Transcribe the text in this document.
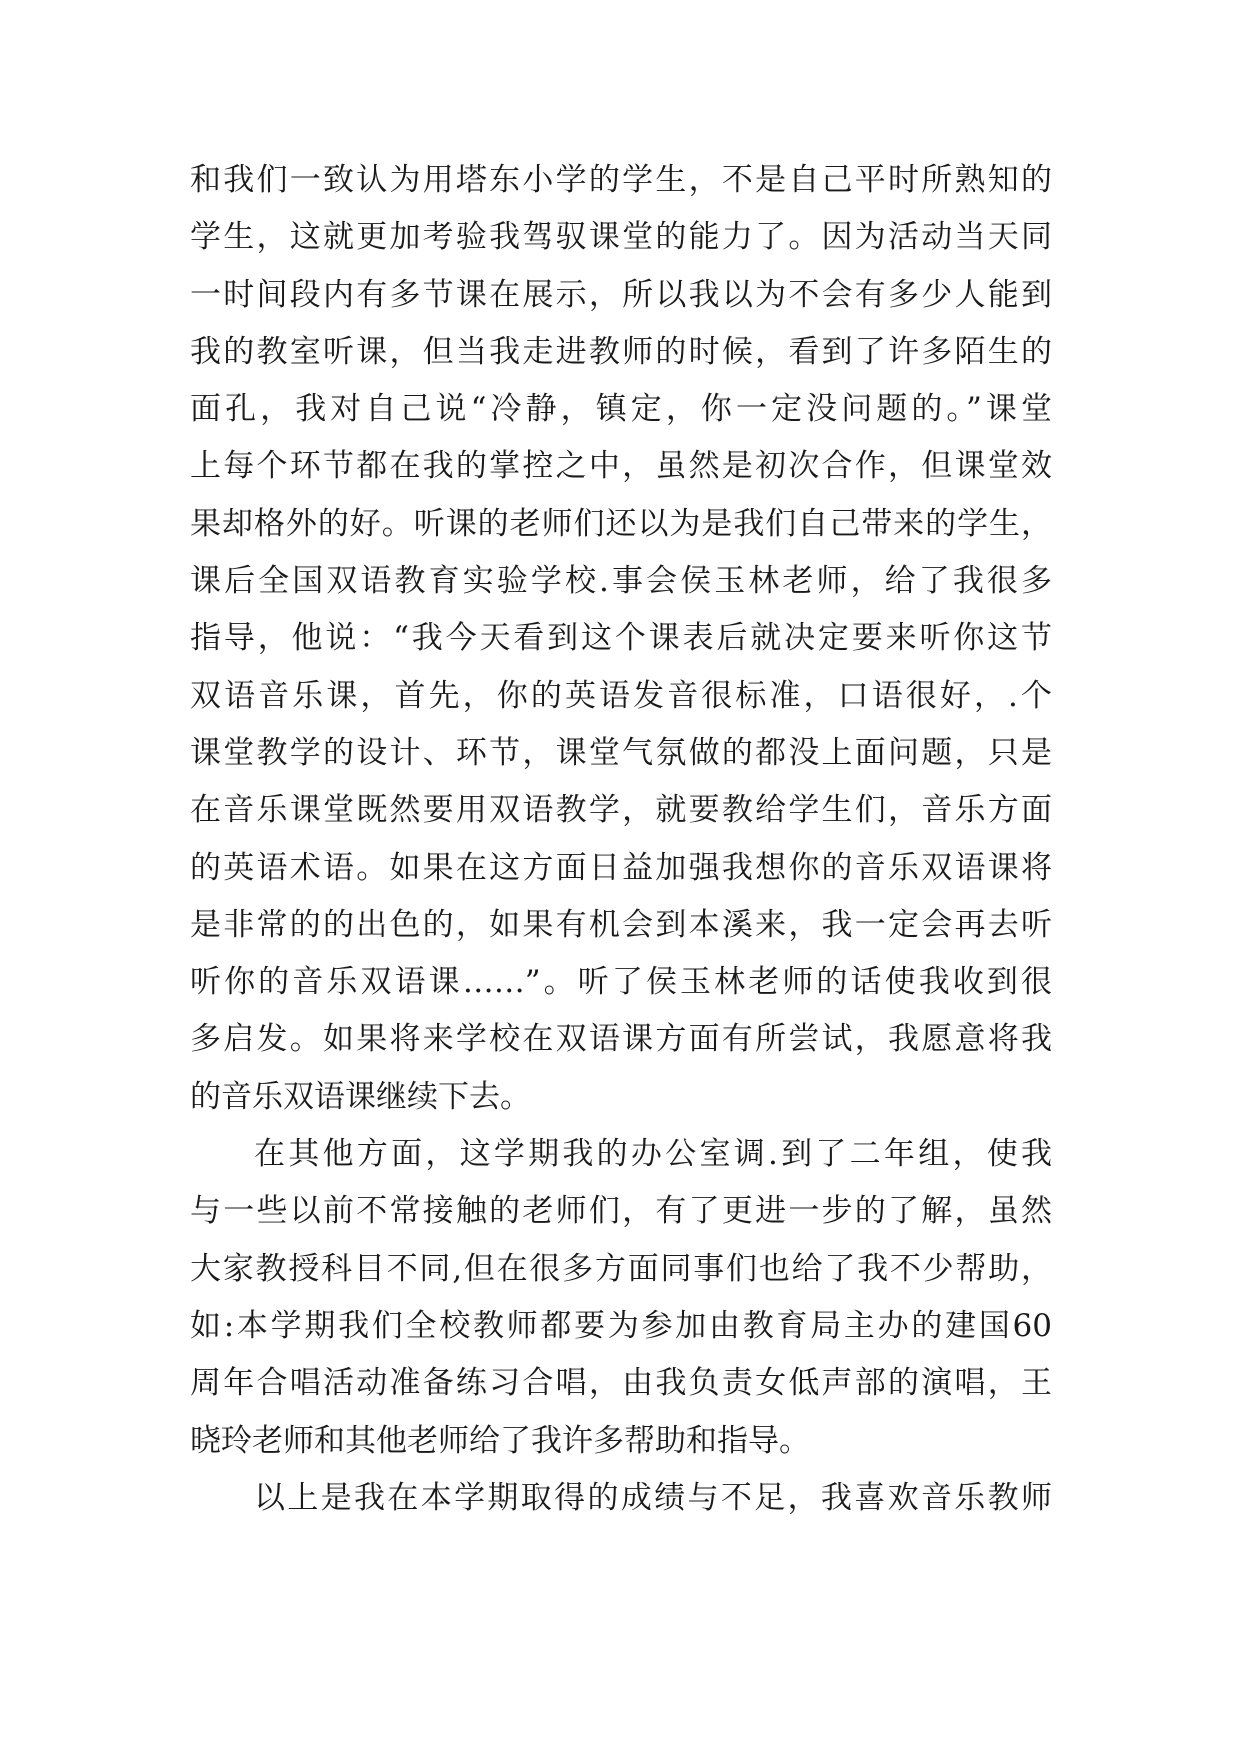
和我们一致认为用塔东小学的学生，不是自己平时所熟知的
学生，这就更加考验我驾驭课堂的能力了。因为活动当天同
一时间段内有多节课在展示，所以我以为不会有多少人能到
我的教室听课，但当我走进教师的时候，看到了许多陌生的
面孔，我对自己说“冷静，镇定，你一定没问题的。”课堂
上每个环节都在我的掌控之中，虽然是初次合作，但课堂效
果却格外的好。听课的老师们还以为是我们自己带来的学生，
课后全国双语教育实验学校.事会侯玉林老师，给了我很多
指导，他说：“我今天看到这个课表后就决定要来听你这节
双语音乐课，首先，你的英语发音很标准，口语很好，.个
课堂教学的设计、环节，课堂气氛做的都没上面问题，只是
在音乐课堂既然要用双语教学，就要教给学生们，音乐方面
的英语术语。如果在这方面日益加强我想你的音乐双语课将
是非常的的出色的，如果有机会到本溪来，我一定会再去听
听你的音乐双语课……”。听了侯玉林老师的话使我收到很
多启发。如果将来学校在双语课方面有所尝试，我愿意将我
的音乐双语课继续下去。
在其他方面，这学期我的办公室调.到了二年组，使我
与一些以前不常接触的老师们，有了更进一步的了解，虽然
大家教授科目不同,但在很多方面同事们也给了我不少帮助，
如:本学期我们全校教师都要为参加由教育局主办的建国60
周年合唱活动准备练习合唱，由我负责女低声部的演唱，王
晓玲老师和其他老师给了我许多帮助和指导。
以上是我在本学期取得的成绩与不足，我喜欢音乐教师
